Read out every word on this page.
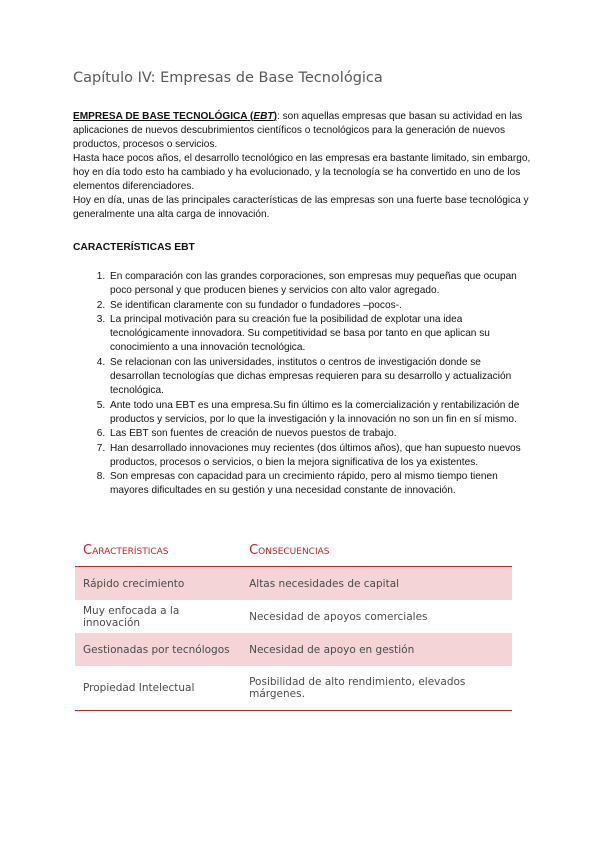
Capítulo IV: Empresas de Base Tecnológica

EMPRESA DE BASE TECNOLÓGICA (EBT): son aquellas empresas que basan su actividad en las aplicaciones de nuevos descubrimientos científicos o tecnológicos para la generación de nuevos productos, procesos o servicios.

Hasta hace pocos años, el desarrollo tecnológico en las empresas era bastante limitado, sin embargo, hoy en día todo esto ha cambiado y ha evolucionado, y la tecnología se ha convertido en uno de los elementos diferenciadores.

Hoy en día, unas de las principales características de las empresas son una fuerte base tecnológica y generalmente una alta carga de innovación.

CARACTERÍSTICAS EBT
1. En comparación con las grandes corporaciones, son empresas muy pequeñas que ocupan poco personal y que producen bienes y servicios con alto valor agregado.
2. Se identifican claramente con su fundador o fundadores –pocos-.
3. La principal motivación para su creación fue la posibilidad de explotar una idea tecnológicamente innovadora. Su competitividad se basa por tanto en que aplican su conocimiento a una innovación tecnológica.
4. Se relacionan con las universidades, institutos o centros de investigación donde se desarrollan tecnologías que dichas empresas requieren para su desarrollo y actualización tecnológica.
5. Ante todo una EBT es una empresa.Su fin último es la comercialización y rentabilización de productos y servicios, por lo que la investigación y la innovación no son un fin en sí mismo.
6. Las EBT son fuentes de creación de nuevos puestos de trabajo.
7. Han desarrollado innovaciones muy recientes (dos últimos años), que han supuesto nuevos productos, procesos o servicios, o bien la mejora significativa de los ya existentes.
8. Son empresas con capacidad para un crecimiento rápido, pero al mismo tiempo tienen mayores dificultades en su gestión y una necesidad constante de innovación.
Características	Consecuencias
Rápido crecimiento	Altas necesidades de capital
Muy enfocada a la innovación	Necesidad de apoyos comerciales
Gestionadas por tecnólogos	Necesidad de apoyo en gestión
Propiedad Intelectual	Posibilidad de alto rendimiento, elevados márgenes.
